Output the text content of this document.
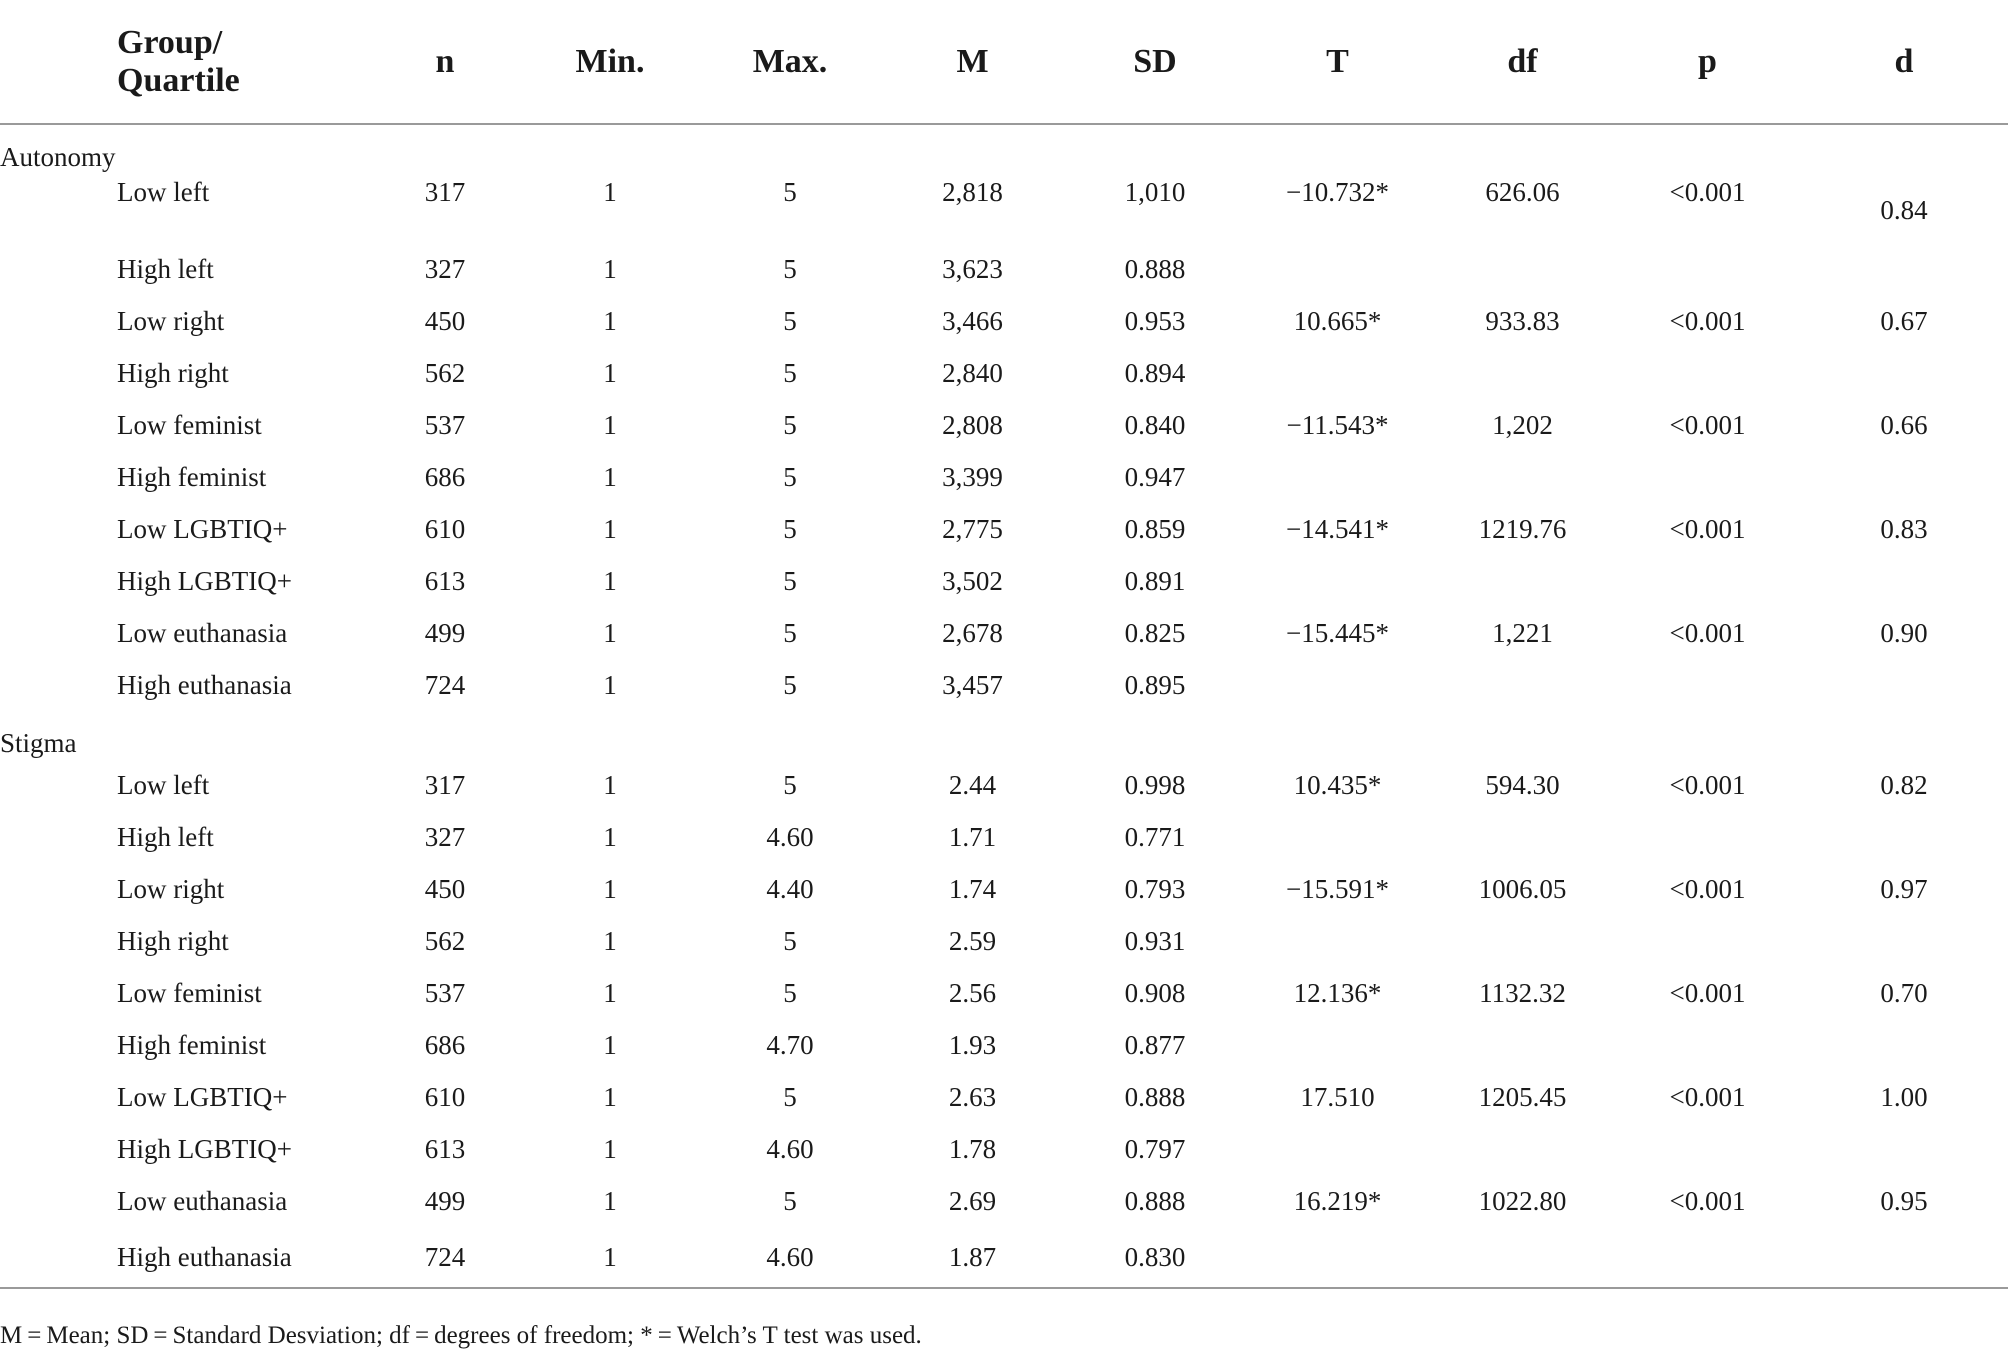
Group/
Quartile	n	Min.	Max.	M	SD	T	df	p	d
Autonomy									
Low left	317	1	5	2,818	1,010	−10.732*	626.06	<0.001	0.84
High left	327	1	5	3,623	0.888				
Low right	450	1	5	3,466	0.953	10.665*	933.83	<0.001	0.67
High right	562	1	5	2,840	0.894				
Low feminist	537	1	5	2,808	0.840	−11.543*	1,202	<0.001	0.66
High feminist	686	1	5	3,399	0.947				
Low LGBTIQ+	610	1	5	2,775	0.859	−14.541*	1219.76	<0.001	0.83
High LGBTIQ+	613	1	5	3,502	0.891				
Low euthanasia	499	1	5	2,678	0.825	−15.445*	1,221	<0.001	0.90
High euthanasia	724	1	5	3,457	0.895				
Stigma									
Low left	317	1	5	2.44	0.998	10.435*	594.30	<0.001	0.82
High left	327	1	4.60	1.71	0.771				
Low right	450	1	4.40	1.74	0.793	−15.591*	1006.05	<0.001	0.97
High right	562	1	5	2.59	0.931				
Low feminist	537	1	5	2.56	0.908	12.136*	1132.32	<0.001	0.70
High feminist	686	1	4.70	1.93	0.877				
Low LGBTIQ+	610	1	5	2.63	0.888	17.510	1205.45	<0.001	1.00
High LGBTIQ+	613	1	4.60	1.78	0.797				
Low euthanasia	499	1	5	2.69	0.888	16.219*	1022.80	<0.001	0.95
High euthanasia	724	1	4.60	1.87	0.830				
M = Mean; SD = Standard Desviation; df = degrees of freedom; * = Welch’s T test was used.
